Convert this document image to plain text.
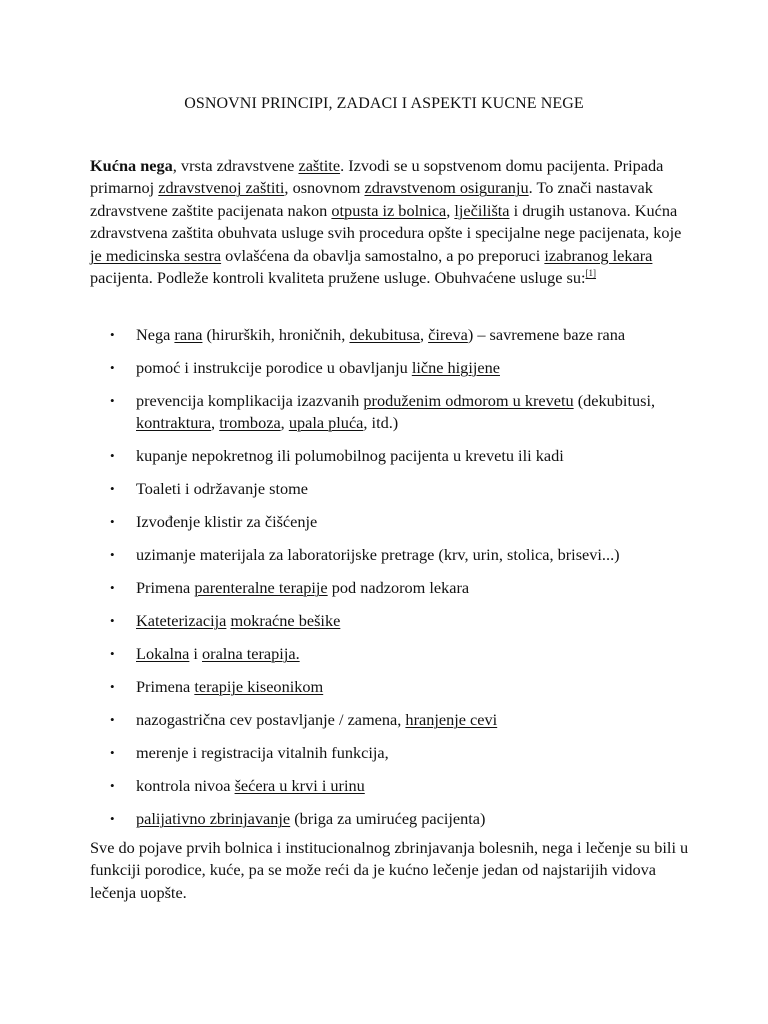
OSNOVNI PRINCIPI, ZADACI I ASPEKTI KUCNE NEGE

Kućna nega, vrsta zdravstvene zaštite. Izvodi se u sopstvenom domu pacijenta. Pripada primarnoj zdravstvenoj zaštiti, osnovnom zdravstvenom osiguranju. To znači nastavak zdravstvene zaštite pacijenata nakon otpusta iz bolnica, lječilišta i drugih ustanova. Kućna zdravstvena zaštita obuhvata usluge svih procedura opšte i specijalne nege pacijenata, koje je medicinska sestra ovlašćena da obavlja samostalno, a po preporuci izabranog lekara pacijenta. Podleže kontroli kvaliteta pružene usluge. Obuhvaćene usluge su:[1]

• Nega rana (hirurških, hroničnih, dekubitusa, čireva) – savremene baze rana
• pomoć i instrukcije porodice u obavljanju lične higijene
• prevencija komplikacija izazvanih produženim odmorom u krevetu (dekubitusi, kontraktura, tromboza, upala pluća, itd.)
• kupanje nepokretnog ili polumobilnog pacijenta u krevetu ili kadi
• Toaleti i održavanje stome
• Izvođenje klistir za čišćenje
• uzimanje materijala za laboratorijske pretrage (krv, urin, stolica, brisevi...)
• Primena parenteralne terapije pod nadzorom lekara
• Kateterizacija mokraćne bešike
• Lokalna i oralna terapija.
• Primena terapije kiseonikom
• nazogastrična cev postavljanje / zamena, hranjenje cevi
• merenje i registracija vitalnih funkcija,
• kontrola nivoa šećera u krvi i urinu
• palijativno zbrinjavanje (briga za umirućeg pacijenta)

Sve do pojave prvih bolnica i institucionalnog zbrinjavanja bolesnih, nega i lečenje su bili u funkciji porodice, kuće, pa se može reći da je kućno lečenje jedan od najstarijih vidova lečenja uopšte.
